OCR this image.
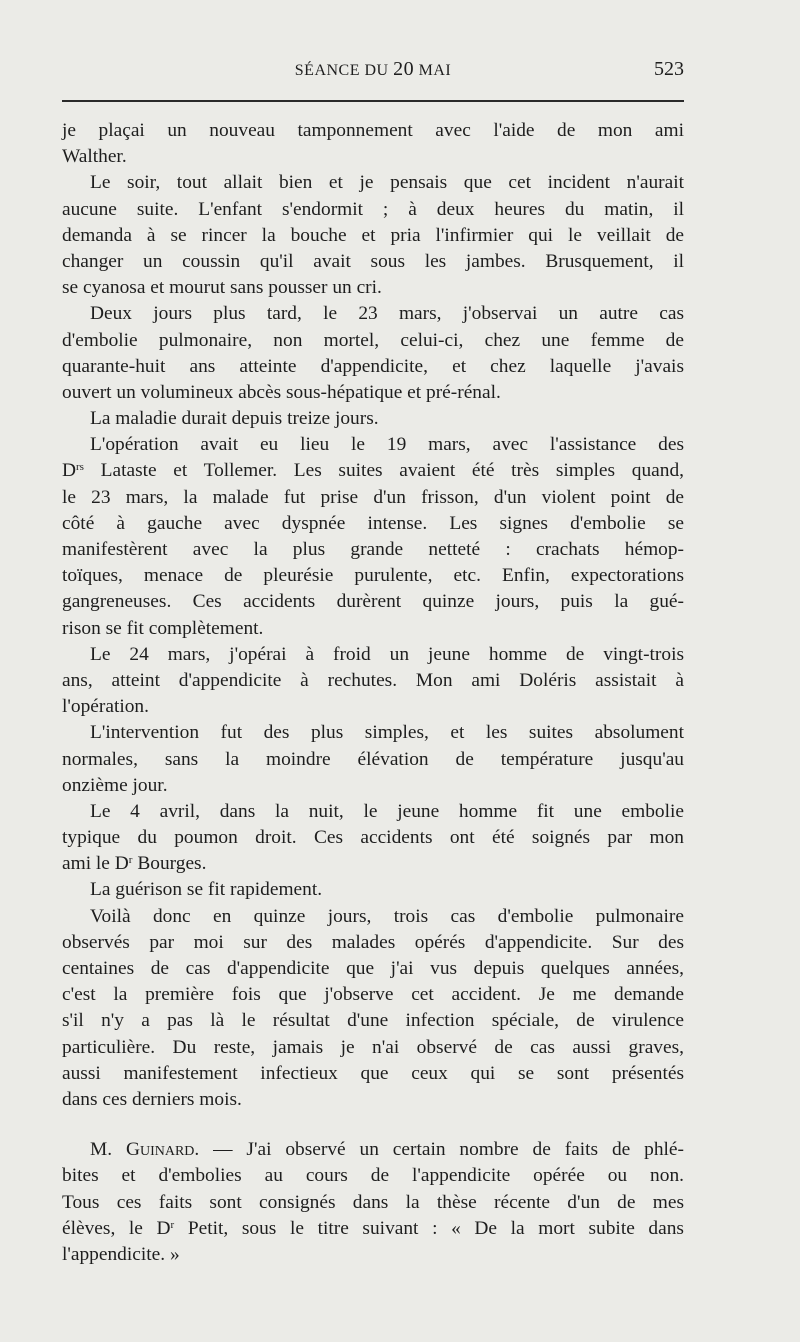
SÉANCE DU 20 MAI	523
je plaçai un nouveau tamponnement avec l'aide de mon ami
Walther.
Le soir, tout allait bien et je pensais que cet incident n'aurait
aucune suite. L'enfant s'endormit ; à deux heures du matin, il
demanda à se rincer la bouche et pria l'infirmier qui le veillait de
changer un coussin qu'il avait sous les jambes. Brusquement, il
se cyanosa et mourut sans pousser un cri.
Deux jours plus tard, le 23 mars, j'observai un autre cas
d'embolie pulmonaire, non mortel, celui-ci, chez une femme de
quarante-huit ans atteinte d'appendicite, et chez laquelle j'avais
ouvert un volumineux abcès sous-hépatique et pré-rénal.
La maladie durait depuis treize jours.
L'opération avait eu lieu le 19 mars, avec l'assistance des
$D^{rs}$ Lataste et Tollemer. Les suites avaient été très simples quand,
le 23 mars, la malade fut prise d'un frisson, d'un violent point de
côté à gauche avec dyspnée intense. Les signes d'embolie se
manifestèrent avec la plus grande netteté : crachats hémop-
toïques, menace de pleurésie purulente, etc. Enfin, expectorations
gangreneuses. Ces accidents durèrent quinze jours, puis la gué-
rison se fit complètement.
Le 24 mars, j'opérai à froid un jeune homme de vingt-trois
ans, atteint d'appendicite à rechutes. Mon ami Doléris assistait à
l'opération.
L'intervention fut des plus simples, et les suites absolument
normales, sans la moindre élévation de température jusqu'au
onzième jour.
Le 4 avril, dans la nuit, le jeune homme fit une embolie
typique du poumon droit. Ces accidents ont été soignés par mon
ami le $D^r$ Bourges.
La guérison se fit rapidement.
Voilà donc en quinze jours, trois cas d'embolie pulmonaire
observés par moi sur des malades opérés d'appendicite. Sur des
centaines de cas d'appendicite que j'ai vus depuis quelques années,
c'est la première fois que j'observe cet accident. Je me demande
s'il n'y a pas là le résultat d'une infection spéciale, de virulence
particulière. Du reste, jamais je n'ai observé de cas aussi graves,
aussi manifestement infectieux que ceux qui se sont présentés
dans ces derniers mois.
M. Guinard. — J'ai observé un certain nombre de faits de phlé-
bites et d'embolies au cours de l'appendicite opérée ou non.
Tous ces faits sont consignés dans la thèse récente d'un de mes
élèves, le $D^r$ Petit, sous le titre suivant : « De la mort subite dans
l'appendicite. »
